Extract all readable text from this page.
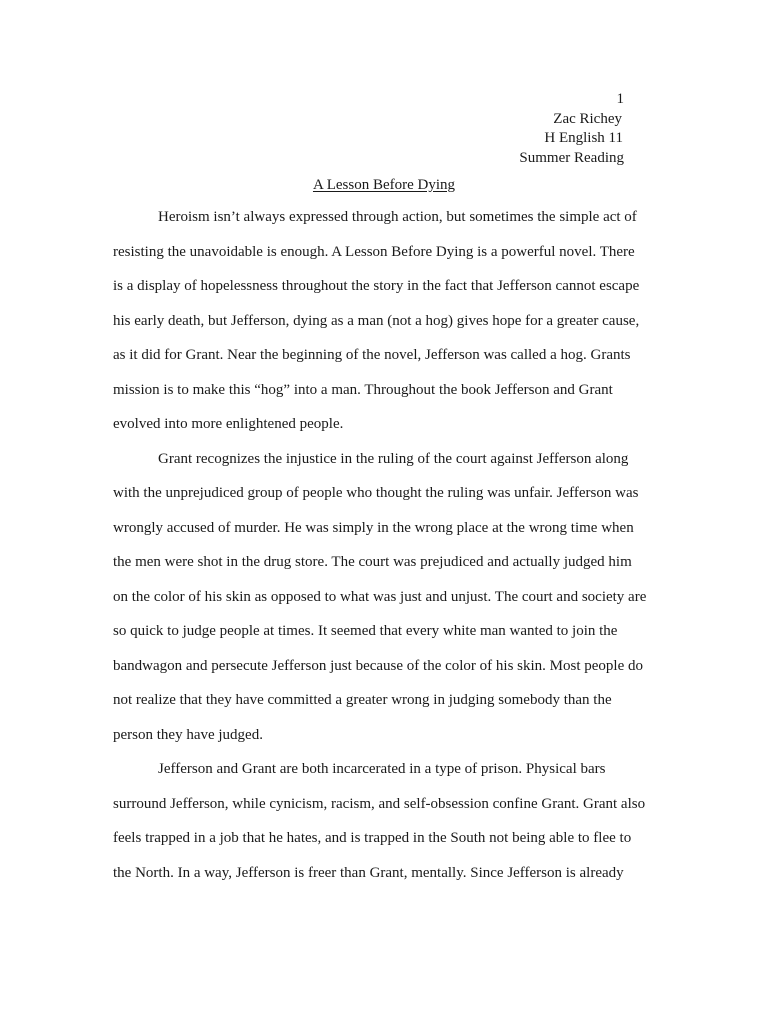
1
Zac Richey
H English 11
Summer Reading
A Lesson Before Dying
Heroism isn’t always expressed through action, but sometimes the simple act of
resisting the unavoidable is enough. A Lesson Before Dying is a powerful novel. There
is a display of hopelessness throughout the story in the fact that Jefferson cannot escape
his early death, but Jefferson, dying as a man (not a hog) gives hope for a greater cause,
as it did for Grant. Near the beginning of the novel, Jefferson was called a hog. Grants
mission is to make this “hog” into a man. Throughout the book Jefferson and Grant
evolved into more enlightened people.
Grant recognizes the injustice in the ruling of the court against Jefferson along
with the unprejudiced group of people who thought the ruling was unfair. Jefferson was
wrongly accused of murder. He was simply in the wrong place at the wrong time when
the men were shot in the drug store. The court was prejudiced and actually judged him
on the color of his skin as opposed to what was just and unjust. The court and society are
so quick to judge people at times. It seemed that every white man wanted to join the
bandwagon and persecute Jefferson just because of the color of his skin. Most people do
not realize that they have committed a greater wrong in judging somebody than the
person they have judged.
Jefferson and Grant are both incarcerated in a type of prison. Physical bars
surround Jefferson, while cynicism, racism, and self-obsession confine Grant. Grant also
feels trapped in a job that he hates, and is trapped in the South not being able to flee to
the North. In a way, Jefferson is freer than Grant, mentally. Since Jefferson is already
